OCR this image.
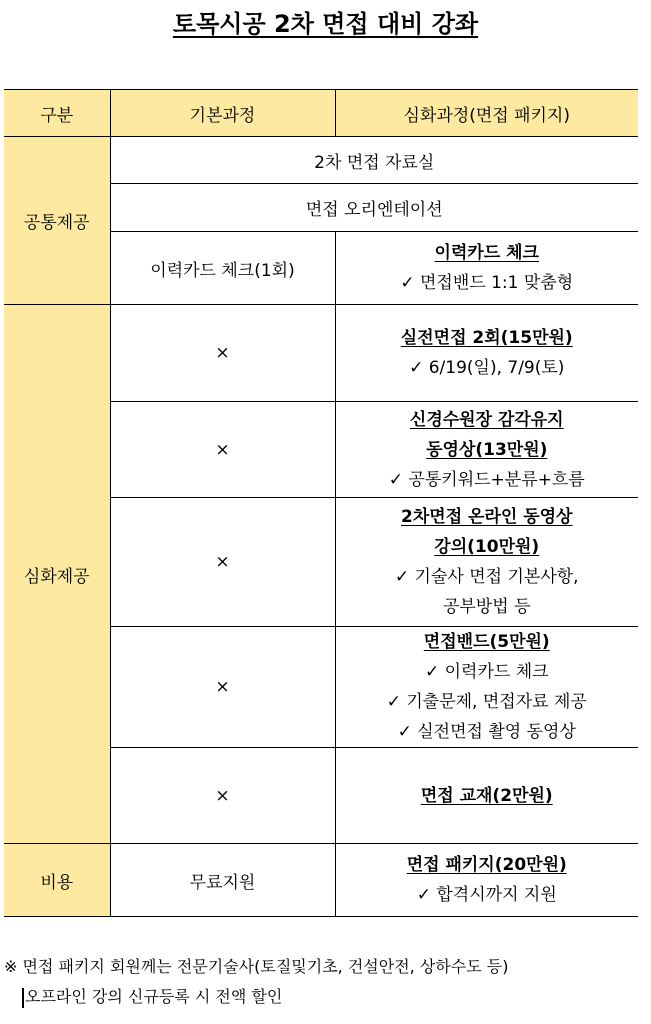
토목시공 2차 면접 대비 강좌
구분	기본과정	심화과정(면접 패키지)
공통제공	2차 면접 자료실	
	면접 오리엔테이션	
	이력카드 체크(1회)	이력카드 체크
✓ 면접밴드 1:1 맞춤형

심화제공	×	실전면접 2회(15만원)
✓ 6/19(일), 7/9(토)

	×	신경수원장 감각유지
동영상(13만원)
✓ 공통키워드+분류+흐름

	×	2차면접 온라인 동영상
강의(10만원)
✓ 기술사 면접 기본사항,
공부방법 등

	×	면접밴드(5만원)
✓ 이력카드 체크
✓ 기출문제, 면접자료 제공
✓ 실전면접 촬영 동영상

	×	면접 교재(2만원)

비용	무료지원	면접 패키지(20만원)
✓ 합격시까지 지원
※ 면접 패키지 회원께는 전문기술사(토질및기초, 건설안전, 상하수도 등)
오프라인 강의 신규등록 시 전액 할인
